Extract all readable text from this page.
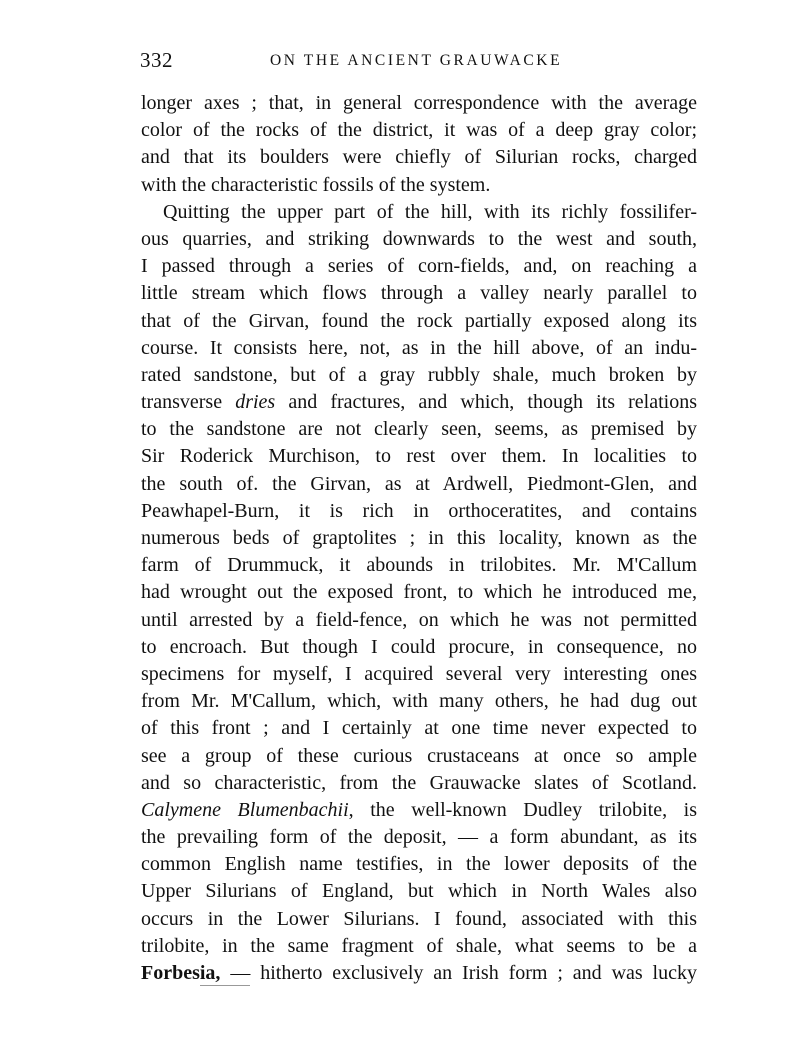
332	ON THE ANCIENT GRAUWACKE
longer axes ; that, in general correspondence with the average
color of the rocks of the district, it was of a deep gray color;
and that its boulders were chiefly of Silurian rocks, charged
with the characteristic fossils of the system.
Quitting the upper part of the hill, with its richly fossilifer-
ous quarries, and striking downwards to the west and south,
I passed through a series of corn-fields, and, on reaching a
little stream which flows through a valley nearly parallel to
that of the Girvan, found the rock partially exposed along its
course. It consists here, not, as in the hill above, of an indu-
rated sandstone, but of a gray rubbly shale, much broken by
transverse dries and fractures, and which, though its relations
to the sandstone are not clearly seen, seems, as premised by
Sir Roderick Murchison, to rest over them. In localities to
the south of. the Girvan, as at Ardwell, Piedmont-Glen, and
Peawhapel-Burn, it is rich in orthoceratites, and contains
numerous beds of graptolites ; in this locality, known as the
farm of Drummuck, it abounds in trilobites. Mr. M'Callum
had wrought out the exposed front, to which he introduced me,
until arrested by a field-fence, on which he was not permitted
to encroach. But though I could procure, in consequence, no
specimens for myself, I acquired several very interesting ones
from Mr. M'Callum, which, with many others, he had dug out
of this front ; and I certainly at one time never expected to
see a group of these curious crustaceans at once so ample
and so characteristic, from the Grauwacke slates of Scotland.
Calymene Blumenbachii, the well-known Dudley trilobite, is
the prevailing form of the deposit, — a form abundant, as its
common English name testifies, in the lower deposits of the
Upper Silurians of England, but which in North Wales also
occurs in the Lower Silurians. I found, associated with this
trilobite, in the same fragment of shale, what seems to be a
Forbesia, — hitherto exclusively an Irish form ; and was lucky
